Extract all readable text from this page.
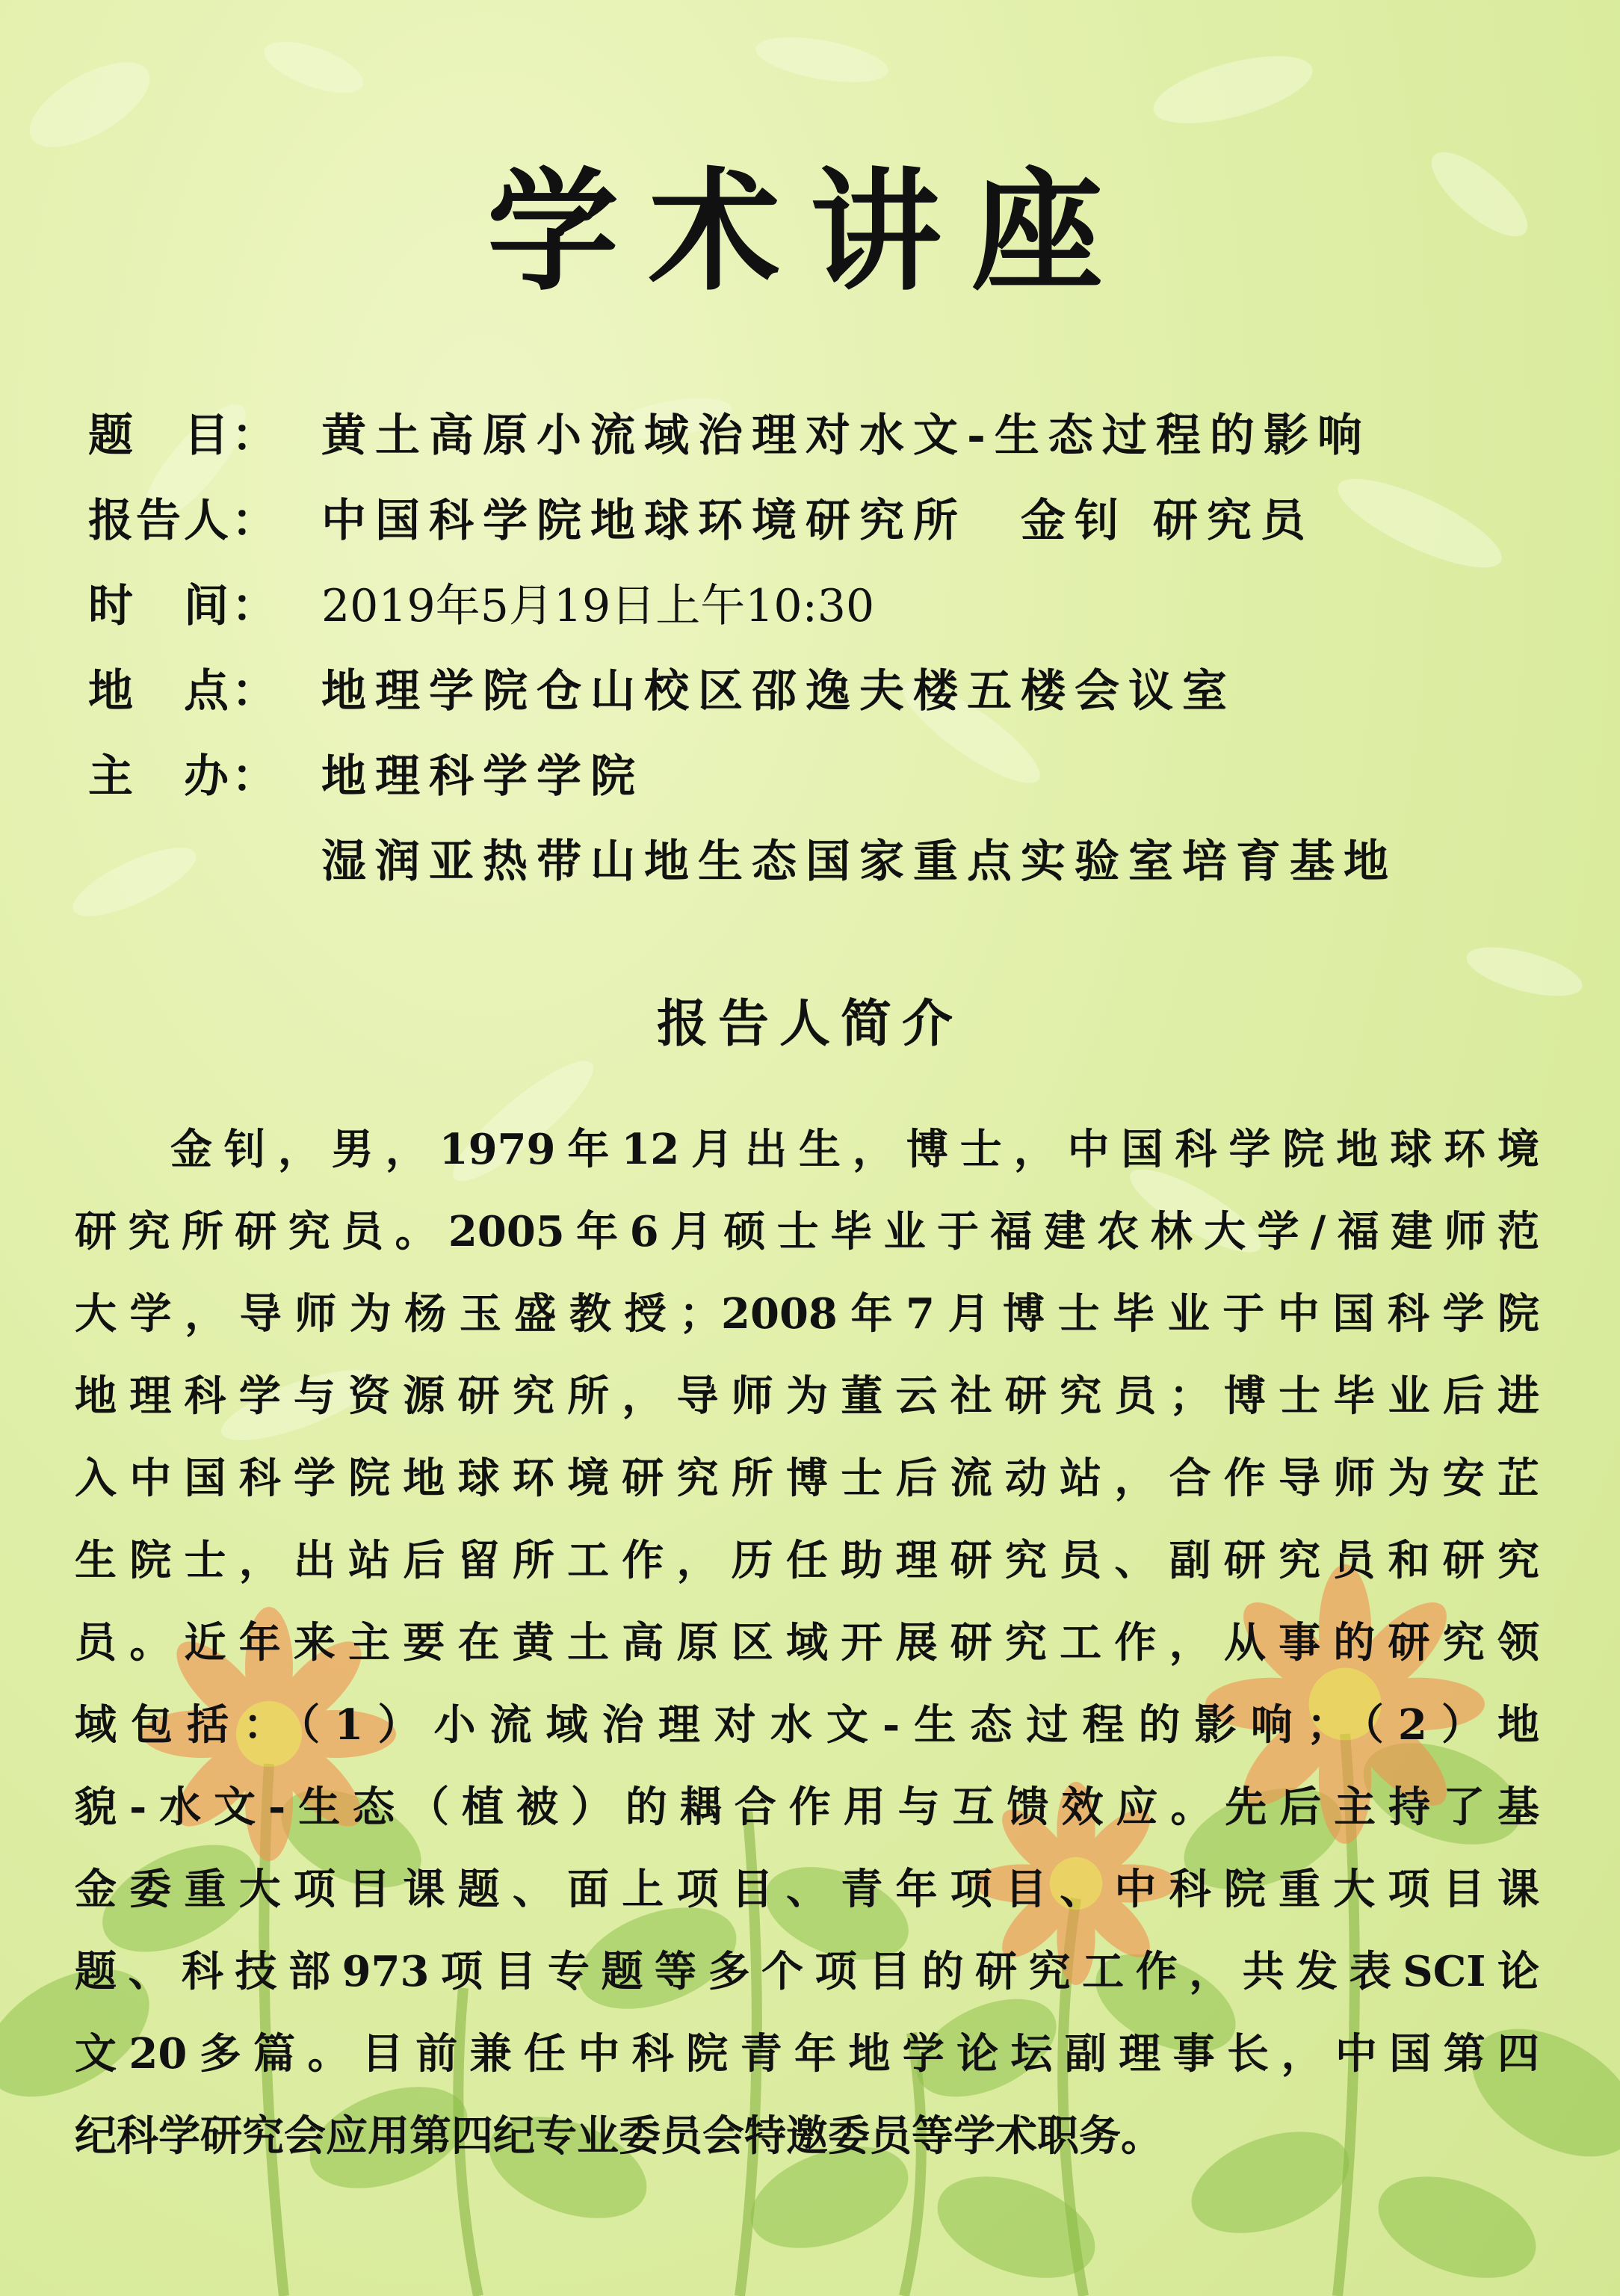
学术讲座
题　目： 黄土高原小流域治理对水文-生态过程的影响
报告人： 中国科学院地球环境研究所　金钊 研究员
时　间： 2019年5月19日上午10:30
地　点： 地理学院仓山校区邵逸夫楼五楼会议室
主　办： 地理科学学院
湿润亚热带山地生态国家重点实验室培育基地
报告人简介
金钊，男，1979年12月出生，博士，中国科学院地球环境
研究所研究员。2005年6月硕士毕业于福建农林大学/福建师范
大学，导师为杨玉盛教授；2008年7月博士毕业于中国科学院
地理科学与资源研究所，导师为董云社研究员；博士毕业后进
入中国科学院地球环境研究所博士后流动站，合作导师为安芷
生院士，出站后留所工作，历任助理研究员、副研究员和研究
员。近年来主要在黄土高原区域开展研究工作，从事的研究领
域包括：（1）小流域治理对水文-生态过程的影响；（2）地
貌-水文-生态（植被）的耦合作用与互馈效应。先后主持了基
金委重大项目课题、面上项目、青年项目、中科院重大项目课
题、科技部973项目专题等多个项目的研究工作，共发表SCI论
文20多篇。目前兼任中科院青年地学论坛副理事长，中国第四
纪科学研究会应用第四纪专业委员会特邀委员等学术职务。
